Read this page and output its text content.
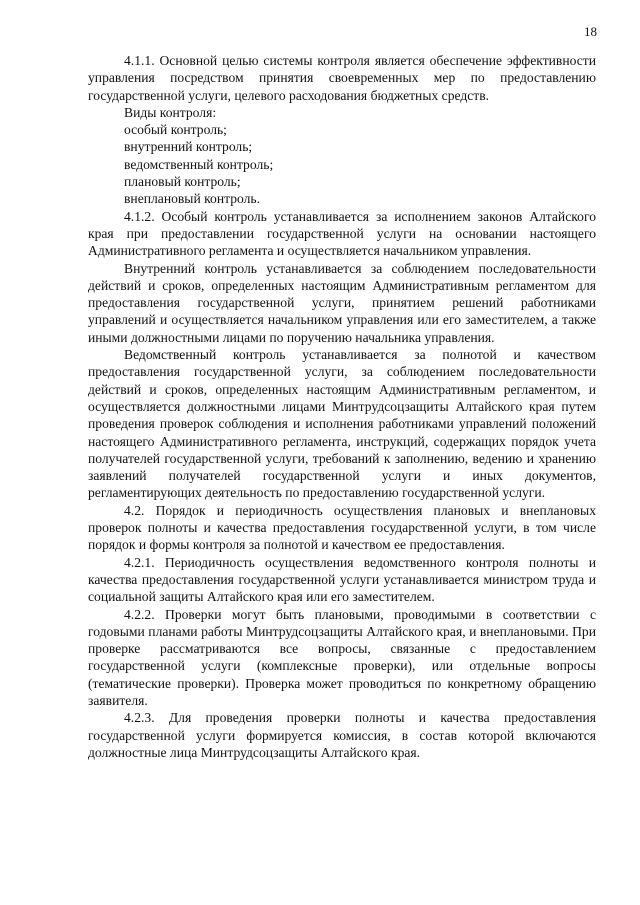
18

4.1.1. Основной целью системы контроля является обеспечение эффективности управления посредством принятия своевременных мер по предоставлению государственной услуги, целевого расходования бюджетных средств.

Виды контроля:

особый контроль;

внутренний контроль;

ведомственный контроль;

плановый контроль;

внеплановый контроль.

4.1.2. Особый контроль устанавливается за исполнением законов Алтайского края при предоставлении государственной услуги на основании настоящего Административного регламента и осуществляется начальником управления.

Внутренний контроль устанавливается за соблюдением последовательности действий и сроков, определенных настоящим Административным регламентом для предоставления государственной услуги, принятием решений работниками управлений и осуществляется начальником управления или его заместителем, а также иными должностными лицами по поручению начальника управления.

Ведомственный контроль устанавливается за полнотой и качеством предоставления государственной услуги, за соблюдением последовательности действий и сроков, определенных настоящим Административным регламентом, и осуществляется должностными лицами Минтрудсоцзащиты Алтайского края путем проведения проверок соблюдения и исполнения работниками управлений положений настоящего Административного регламента, инструкций, содержащих порядок учета получателей государственной услуги, требований к заполнению, ведению и хранению заявлений получателей государственной услуги и иных документов, регламентирующих деятельность по предоставлению государственной услуги.

4.2. Порядок и периодичность осуществления плановых и внеплановых проверок полноты и качества предоставления государственной услуги, в том числе порядок и формы контроля за полнотой и качеством ее предоставления.

4.2.1. Периодичность осуществления ведомственного контроля полноты и качества предоставления государственной услуги устанавливается министром труда и социальной защиты Алтайского края или его заместителем.

4.2.2. Проверки могут быть плановыми, проводимыми в соответствии с годовыми планами работы Минтрудсоцзащиты Алтайского края, и внеплановыми. При проверке рассматриваются все вопросы, связанные с предоставлением государственной услуги (комплексные проверки), или отдельные вопросы (тематические проверки). Проверка может проводиться по конкретному обращению заявителя.

4.2.3. Для проведения проверки полноты и качества предоставления государственной услуги формируется комиссия, в состав которой включаются должностные лица Минтрудсоцзащиты Алтайского края.
